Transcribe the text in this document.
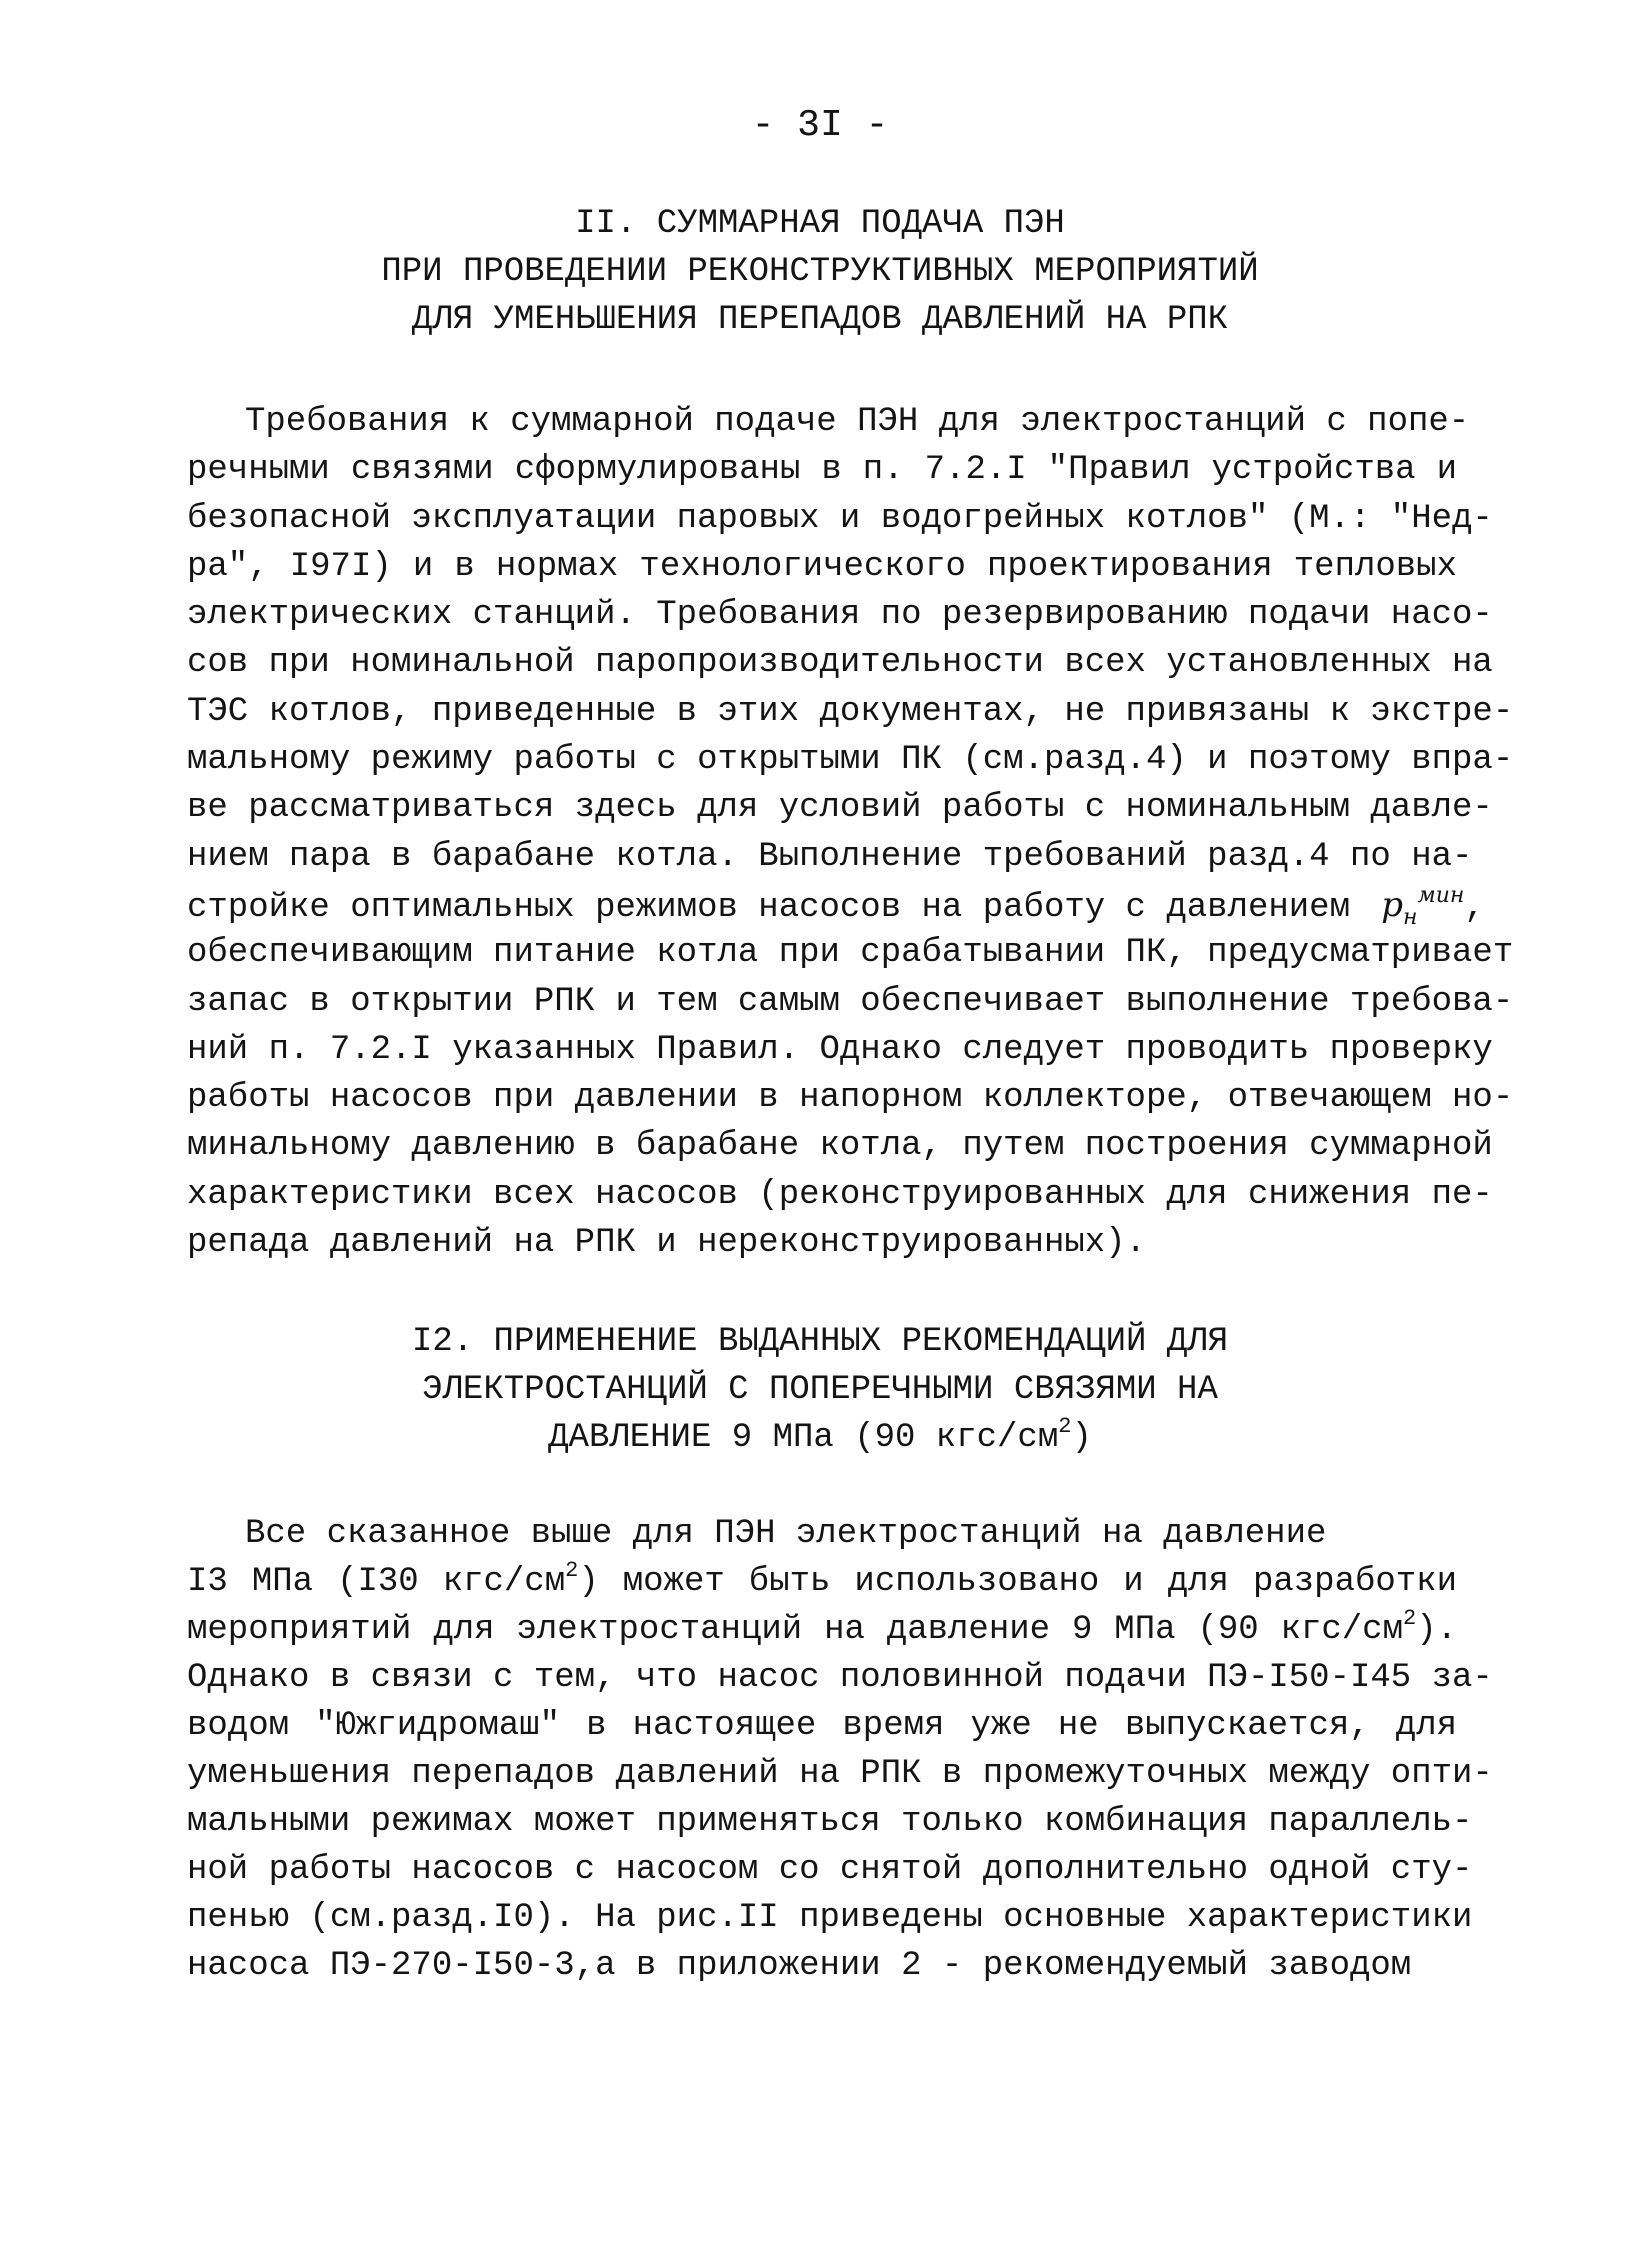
- 3I -
II. СУММАРНАЯ ПОДАЧА ПЭН
ПРИ ПРОВЕДЕНИИ РЕКОНСТРУКТИВНЫХ МЕРОПРИЯТИЙ
ДЛЯ УМЕНЬШЕНИЯ ПЕРЕПАДОВ ДАВЛЕНИЙ НА РПК
Требования к суммарной подаче ПЭН для электростанций с попе-
речными связями сформулированы в п. 7.2.I "Правил устройства и
безопасной эксплуатации паровых и водогрейных котлов" (М.: "Нед-
ра", I97I) и в нормах технологического проектирования тепловых
электрических станций. Требования по резервированию подачи насо-
сов при номинальной паропроизводительности всех установленных на
ТЭС котлов, приведенные в этих документах, не привязаны к экстре-
мальному режиму работы с открытыми ПК (см.разд.4) и поэтому впра-
ве рассматриваться здесь для условий работы с номинальным давле-
нием пара в барабане котла. Выполнение требований разд.4 по на-
стройке оптимальных режимов насосов на работу с давлением $р_н^{мин}$,
обеспечивающим питание котла при срабатывании ПК, предусматривает
запас в открытии РПК и тем самым обеспечивает выполнение требова-
ний п. 7.2.I указанных Правил. Однако следует проводить проверку
работы насосов при давлении в напорном коллекторе, отвечающем но-
минальному давлению в барабане котла, путем построения суммарной
характеристики всех насосов (реконструированных для снижения пе-
репада давлений на РПК и нереконструированных).
I2. ПРИМЕНЕНИЕ ВЫДАННЫХ РЕКОМЕНДАЦИЙ ДЛЯ
ЭЛЕКТРОСТАНЦИЙ С ПОПЕРЕЧНЫМИ СВЯЗЯМИ НА
ДАВЛЕНИЕ 9 МПа (90 кгс/$см^2$)
Все сказанное выше для ПЭН электростанций на давление
I3 МПа (I30 кгс/$см^2$) может быть использовано и для разработки
мероприятий для электростанций на давление 9 МПа (90 кгс/$см^2$).
Однако в связи с тем, что насос половинной подачи ПЭ-I50-I45 за-
водом "Южгидромаш" в настоящее время уже не выпускается, для
уменьшения перепадов давлений на РПК в промежуточных между опти-
мальными режимах может применяться только комбинация параллель-
ной работы насосов с насосом со снятой дополнительно одной сту-
пенью (см.разд.I0). На рис.II приведены основные характеристики
насоса ПЭ-270-I50-3,а в приложении 2 - рекомендуемый заводом
